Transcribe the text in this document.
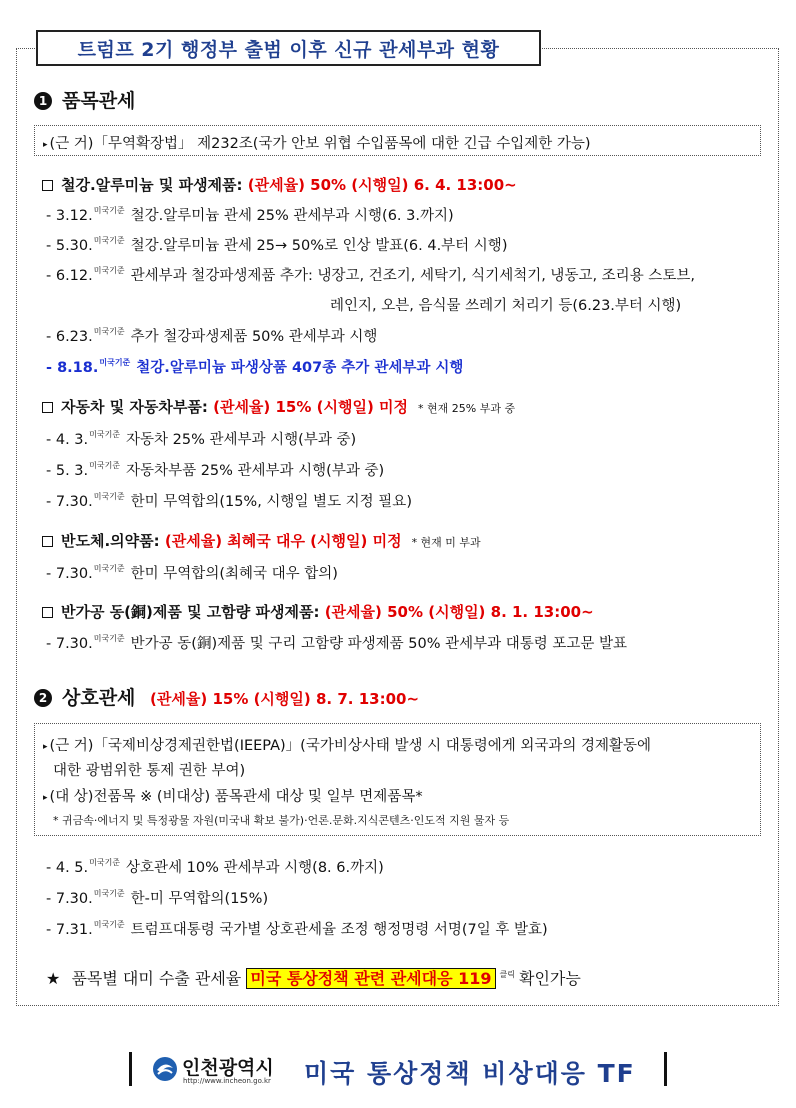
트럼프 2기 행정부 출범 이후 신규 관세부과 현황
1 품목관세
▸ (근 거)「무역확장법」 제232조(국가 안보 위협 수입품목에 대한 긴급 수입제한 가능)
철강.알루미늄 및 파생제품: (관세율) 50% (시행일) 6. 4. 13:00~
- 3.12.$^{미국기준}$ 철강.알루미늄 관세 25% 관세부과 시행(6. 3.까지)
- 5.30.$^{미국기준}$ 철강.알루미늄 관세 25→ 50%로 인상 발표(6. 4.부터 시행)
- 6.12.$^{미국기준}$ 관세부과 철강파생제품 추가: 냉장고, 건조기, 세탁기, 식기세척기, 냉동고, 조리용 스토브,
레인지, 오븐, 음식물 쓰레기 처리기 등(6.23.부터 시행)
- 6.23.$^{미국기준}$ 추가 철강파생제품 50% 관세부과 시행
- 8.18.$^{미국기준}$ 철강.알루미늄 파생상품 407종 추가 관세부과 시행
자동차 및 자동차부품: (관세율) 15% (시행일) 미정 * 현재 25% 부과 중
- 4. 3.$^{미국기준}$ 자동차 25% 관세부과 시행(부과 중)
- 5. 3.$^{미국기준}$ 자동차부품 25% 관세부과 시행(부과 중)
- 7.30.$^{미국기준}$ 한미 무역합의(15%, 시행일 별도 지정 필요)
반도체.의약품: (관세율) 최혜국 대우 (시행일) 미정 * 현재 미 부과
- 7.30.$^{미국기준}$ 한미 무역합의(최혜국 대우 합의)
반가공 동(銅)제품 및 고함량 파생제품: (관세율) 50% (시행일) 8. 1. 13:00~
- 7.30.$^{미국기준}$ 반가공 동(銅)제품 및 구리 고함량 파생제품 50% 관세부과 대통령 포고문 발표
2 상호관세 (관세율) 15% (시행일) 8. 7. 13:00~
▸ (근 거)「국제비상경제권한법(IEEPA)」(국가비상사태 발생 시 대통령에게 외국과의 경제활동에
대한 광범위한 통제 권한 부여)
▸ (대 상)전품목 ※ (비대상) 품목관세 대상 및 일부 면제품목*
* 귀금속·에너지 및 특정광물 자원(미국내 확보 불가)·언론.문화.지식콘텐츠·인도적 지원 물자 등
- 4. 5.$^{미국기준}$ 상호관세 10% 관세부과 시행(8. 6.까지)
- 7.30.$^{미국기준}$ 한-미 무역합의(15%)
- 7.31.$^{미국기준}$ 트럼프대통령 국가별 상호관세율 조정 행정명령 서명(7일 후 발효)
★ 품목별 대미 수출 관세율 미국 통상정책 관련 관세대응 119 $^{클릭}$ 확인가능
인천광역시
http://www.incheon.go.kr 미국 통상정책 비상대응 TF
